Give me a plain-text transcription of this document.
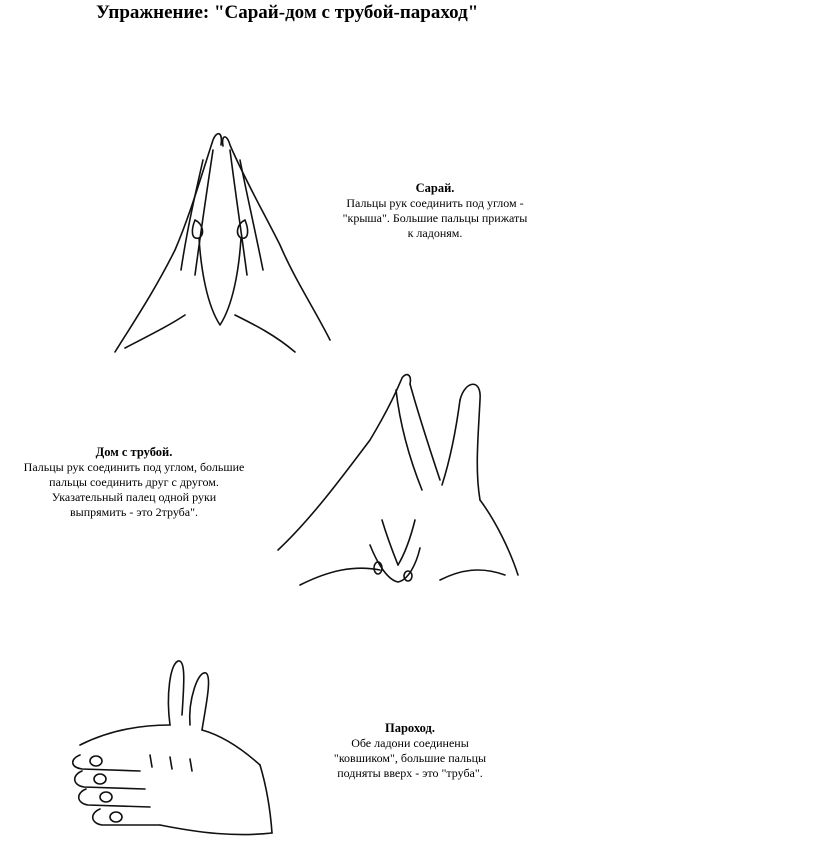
Упражнение: "Сарай-дом с трубой-параход"
Сарай.

Пальцы рук соединить под углом -

"крыша". Большие пальцы прижаты

к ладоням.

Дом с трубой.

Пальцы рук соединить под углом, большие

пальцы соединить друг с другом.

Указательный палец одной руки

выпрямить - это 2труба".

Пароход.

Обе ладони соединены

"ковшиком", большие пальцы

подняты вверх - это "труба".
